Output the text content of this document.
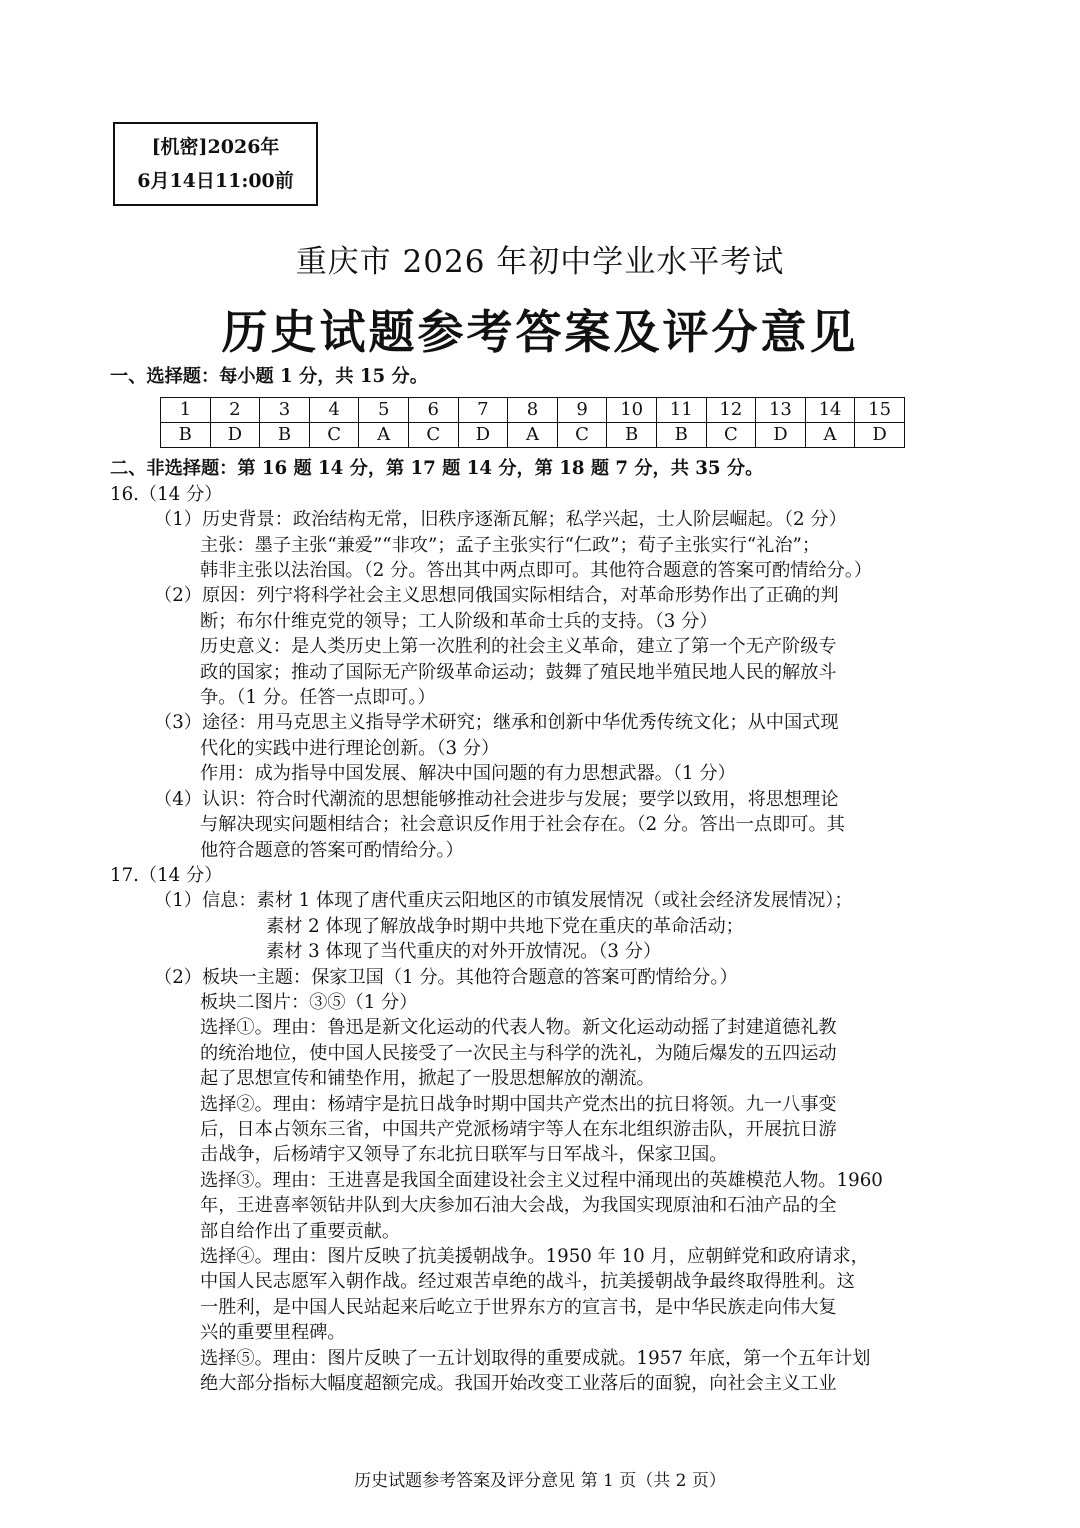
[机密]2026年
6月14日11:00前
重庆市 2026 年初中学业水平考试
历史试题参考答案及评分意见
一、选择题：每小题 1 分，共 15 分。
1	2	3	4	5	6	7	8	9	10	11	12	13	14	15
B	D	B	C	A	C	D	A	C	B	B	C	D	A	D
二、非选择题：第 16 题 14 分，第 17 题 14 分，第 18 题 7 分，共 35 分。
16.（14 分）
（1）历史背景：政治结构无常，旧秩序逐渐瓦解；私学兴起，士人阶层崛起。（2 分）
主张：墨子主张“兼爱”“非攻”；孟子主张实行“仁政”；荀子主张实行“礼治”；
韩非主张以法治国。（2 分。答出其中两点即可。其他符合题意的答案可酌情给分。）
（2）原因：列宁将科学社会主义思想同俄国实际相结合，对革命形势作出了正确的判
断；布尔什维克党的领导；工人阶级和革命士兵的支持。（3 分）
历史意义：是人类历史上第一次胜利的社会主义革命，建立了第一个无产阶级专
政的国家；推动了国际无产阶级革命运动；鼓舞了殖民地半殖民地人民的解放斗
争。（1 分。任答一点即可。）
（3）途径：用马克思主义指导学术研究；继承和创新中华优秀传统文化；从中国式现
代化的实践中进行理论创新。（3 分）
作用：成为指导中国发展、解决中国问题的有力思想武器。（1 分）
（4）认识：符合时代潮流的思想能够推动社会进步与发展；要学以致用，将思想理论
与解决现实问题相结合；社会意识反作用于社会存在。（2 分。答出一点即可。其
他符合题意的答案可酌情给分。）
17.（14 分）
（1）信息：素材 1 体现了唐代重庆云阳地区的市镇发展情况（或社会经济发展情况）；
素材 2 体现了解放战争时期中共地下党在重庆的革命活动；
素材 3 体现了当代重庆的对外开放情况。（3 分）
（2）板块一主题：保家卫国（1 分。其他符合题意的答案可酌情给分。）
板块二图片：③⑤（1 分）
选择①。理由：鲁迅是新文化运动的代表人物。新文化运动动摇了封建道德礼教
的统治地位，使中国人民接受了一次民主与科学的洗礼，为随后爆发的五四运动
起了思想宣传和铺垫作用，掀起了一股思想解放的潮流。
选择②。理由：杨靖宇是抗日战争时期中国共产党杰出的抗日将领。九一八事变
后，日本占领东三省，中国共产党派杨靖宇等人在东北组织游击队，开展抗日游
击战争，后杨靖宇又领导了东北抗日联军与日军战斗，保家卫国。
选择③。理由：王进喜是我国全面建设社会主义过程中涌现出的英雄模范人物。1960
年，王进喜率领钻井队到大庆参加石油大会战，为我国实现原油和石油产品的全
部自给作出了重要贡献。
选择④。理由：图片反映了抗美援朝战争。1950 年 10 月，应朝鲜党和政府请求，
中国人民志愿军入朝作战。经过艰苦卓绝的战斗，抗美援朝战争最终取得胜利。这
一胜利，是中国人民站起来后屹立于世界东方的宣言书，是中华民族走向伟大复
兴的重要里程碑。
选择⑤。理由：图片反映了一五计划取得的重要成就。1957 年底，第一个五年计划
绝大部分指标大幅度超额完成。我国开始改变工业落后的面貌，向社会主义工业
历史试题参考答案及评分意见 第 1 页（共 2 页）
